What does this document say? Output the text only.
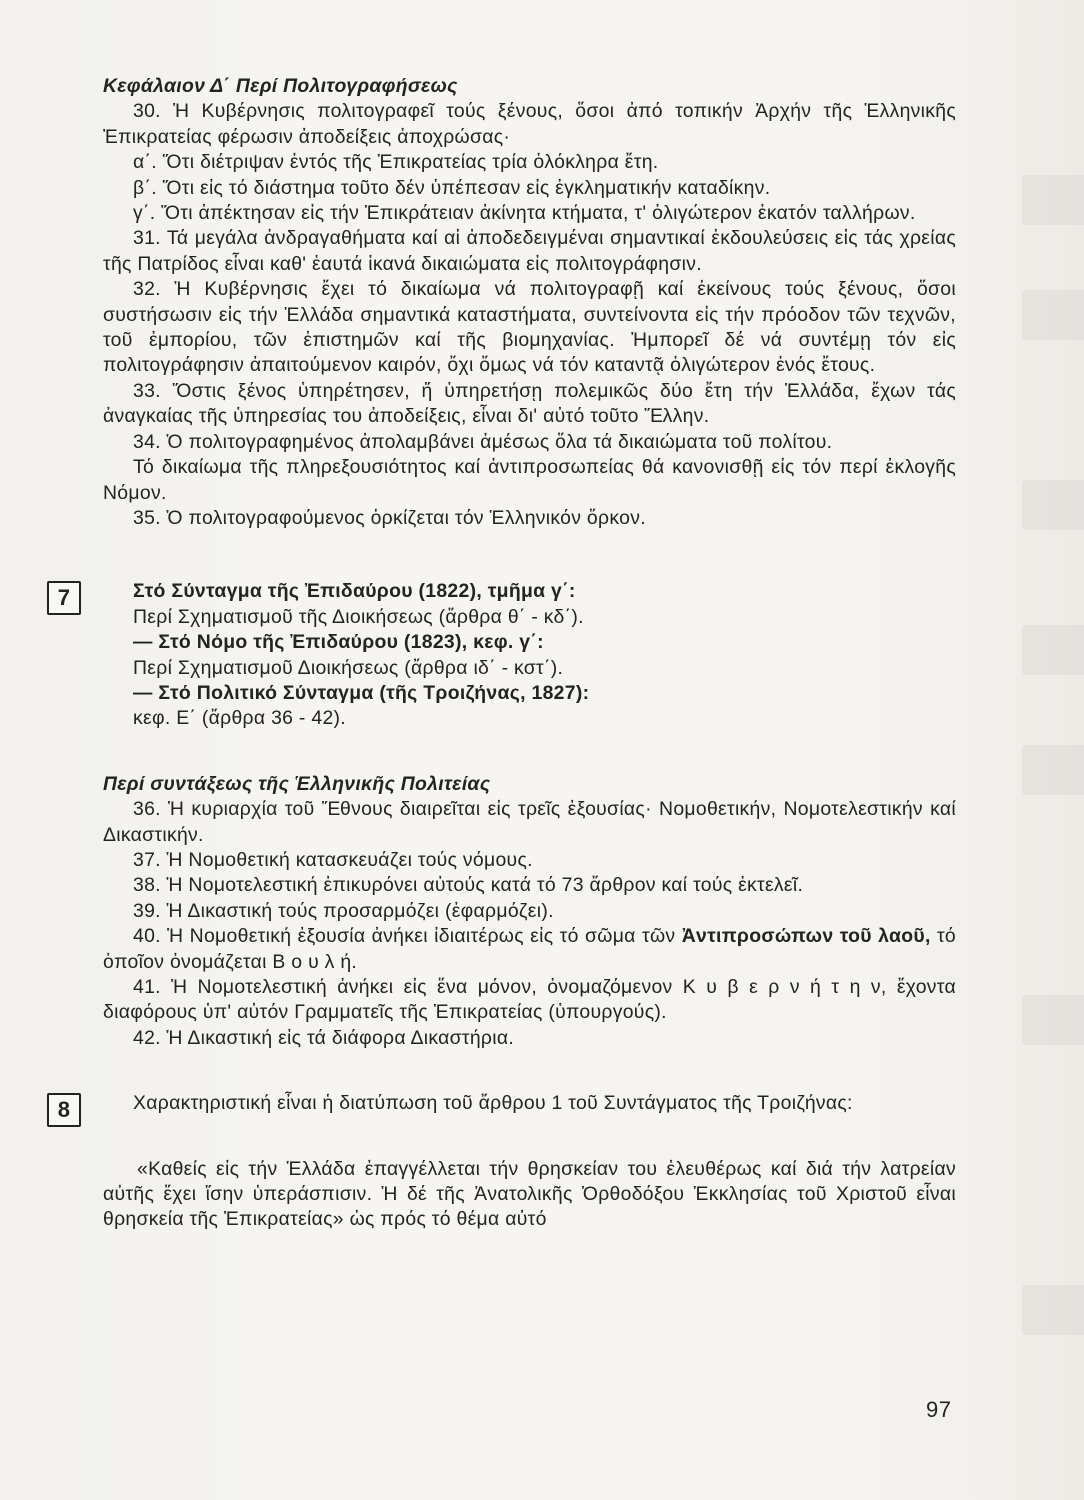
Κεφάλαιον Δ΄ Περί Πολιτογραφήσεως

30. Ἡ Κυβέρνησις πολιτογραφεῖ τούς ξένους, ὅσοι ἀπό τοπικήν Ἀρχήν τῆς Ἑλληνικῆς Ἐπικρατείας φέρωσιν ἀποδείξεις ἀποχρώσας·

α΄. Ὅτι διέτριψαν ἐντός τῆς Ἐπικρατείας τρία ὁλόκληρα ἔτη.

β΄. Ὅτι εἰς τό διάστημα τοῦτο δέν ὑπέπεσαν εἰς ἐγκληματικήν καταδίκην.

γ΄. Ὅτι ἀπέκτησαν εἰς τήν Ἐπικράτειαν ἀκίνητα κτήματα, τ' ὀλιγώτερον ἑκατόν ταλλήρων.

31. Τά μεγάλα ἀνδραγαθήματα καί αἱ ἀποδεδειγμέναι σημαντικαί ἐκδουλεύσεις εἰς τάς χρείας τῆς Πατρίδος εἶναι καθ' ἑαυτά ἱκανά δικαιώματα εἰς πολιτογράφησιν.

32. Ἡ Κυβέρνησις ἔχει τό δικαίωμα νά πολιτογραφῇ καί ἐκείνους τούς ξένους, ὅσοι συστήσωσιν εἰς τήν Ἑλλάδα σημαντικά καταστήματα, συντείνοντα εἰς τήν πρόοδον τῶν τεχνῶν, τοῦ ἐμπορίου, τῶν ἐπιστημῶν καί τῆς βιομηχανίας. Ἠμπορεῖ δέ νά συντέμῃ τόν εἰς πολιτογράφησιν ἀπαιτούμενον καιρόν, ὄχι ὅμως νά τόν καταντᾷ ὀλιγώτερον ἑνός ἔτους.

33. Ὅστις ξένος ὑπηρέτησεν, ἤ ὑπηρετήσῃ πολεμικῶς δύο ἔτη τήν Ἑλλάδα, ἔχων τάς ἀναγκαίας τῆς ὑπηρεσίας του ἀποδείξεις, εἶναι δι' αὐτό τοῦτο Ἕλλην.

34. Ὁ πολιτογραφημένος ἀπολαμβάνει ἀμέσως ὅλα τά δικαιώματα τοῦ πολίτου.

Τό δικαίωμα τῆς πληρεξουσιότητος καί ἀντιπροσωπείας θά κανονισθῇ εἰς τόν περί ἐκλογῆς Νόμον.

35. Ὁ πολιτογραφούμενος ὁρκίζεται τόν Ἑλληνικόν ὅρκον.

7	Στό Σύνταγμα τῆς Ἐπιδαύρου (1822), τμῆμα γ΄:

Περί Σχηματισμοῦ τῆς Διοικήσεως (ἄρθρα θ΄ - κδ΄).

— Στό Νόμο τῆς Ἐπιδαύρου (1823), κεφ. γ΄:

Περί Σχηματισμοῦ Διοικήσεως (ἄρθρα ιδ΄ - κστ΄).

— Στό Πολιτικό Σύνταγμα (τῆς Τροιζήνας, 1827):

κεφ. Ε΄ (ἄρθρα 36 - 42).

Περί συντάξεως τῆς Ἑλληνικῆς Πολιτείας

36. Ἡ κυριαρχία τοῦ Ἔθνους διαιρεῖται εἰς τρεῖς ἐξουσίας· Νομοθετικήν, Νομοτελεστικήν καί Δικαστικήν.

37. Ἡ Νομοθετική κατασκευάζει τούς νόμους.

38. Ἡ Νομοτελεστική ἐπικυρόνει αὐτούς κατά τό 73 ἄρθρον καί τούς ἐκτελεῖ.

39. Ἡ Δικαστική τούς προσαρμόζει (ἐφαρμόζει).

40. Ἡ Νομοθετική ἐξουσία ἀνήκει ἰδιαιτέρως εἰς τό σῶμα τῶν Ἀντιπροσώπων τοῦ λαοῦ, τό ὁποῖον ὀνομάζεται Β ο υ λ ή.

41. Ἡ Νομοτελεστική ἀνήκει εἰς ἕνα μόνον, ὀνομαζόμενον Κ υ β ε ρ ν ή τ η ν, ἔχοντα διαφόρους ὑπ' αὐτόν Γραμματεῖς τῆς Ἐπικρατείας (ὑπουργούς).

42. Ἡ Δικαστική εἰς τά διάφορα Δικαστήρια.

8	Χαρακτηριστική εἶναι ἡ διατύπωση τοῦ ἄρθρου 1 τοῦ Συντάγματος τῆς Τροιζήνας:

«Καθείς εἰς τήν Ἑλλάδα ἐπαγγέλλεται τήν θρησκείαν του ἐλευθέρως καί διά τήν λατρείαν αὐτῆς ἔχει ἴσην ὑπεράσπισιν. Ἡ δέ τῆς Ἀνατολικῆς Ὀρθοδόξου Ἐκκλησίας τοῦ Χριστοῦ εἶναι θρησκεία τῆς Ἐπικρατείας» ὡς πρός τό θέμα αὐτό

97
